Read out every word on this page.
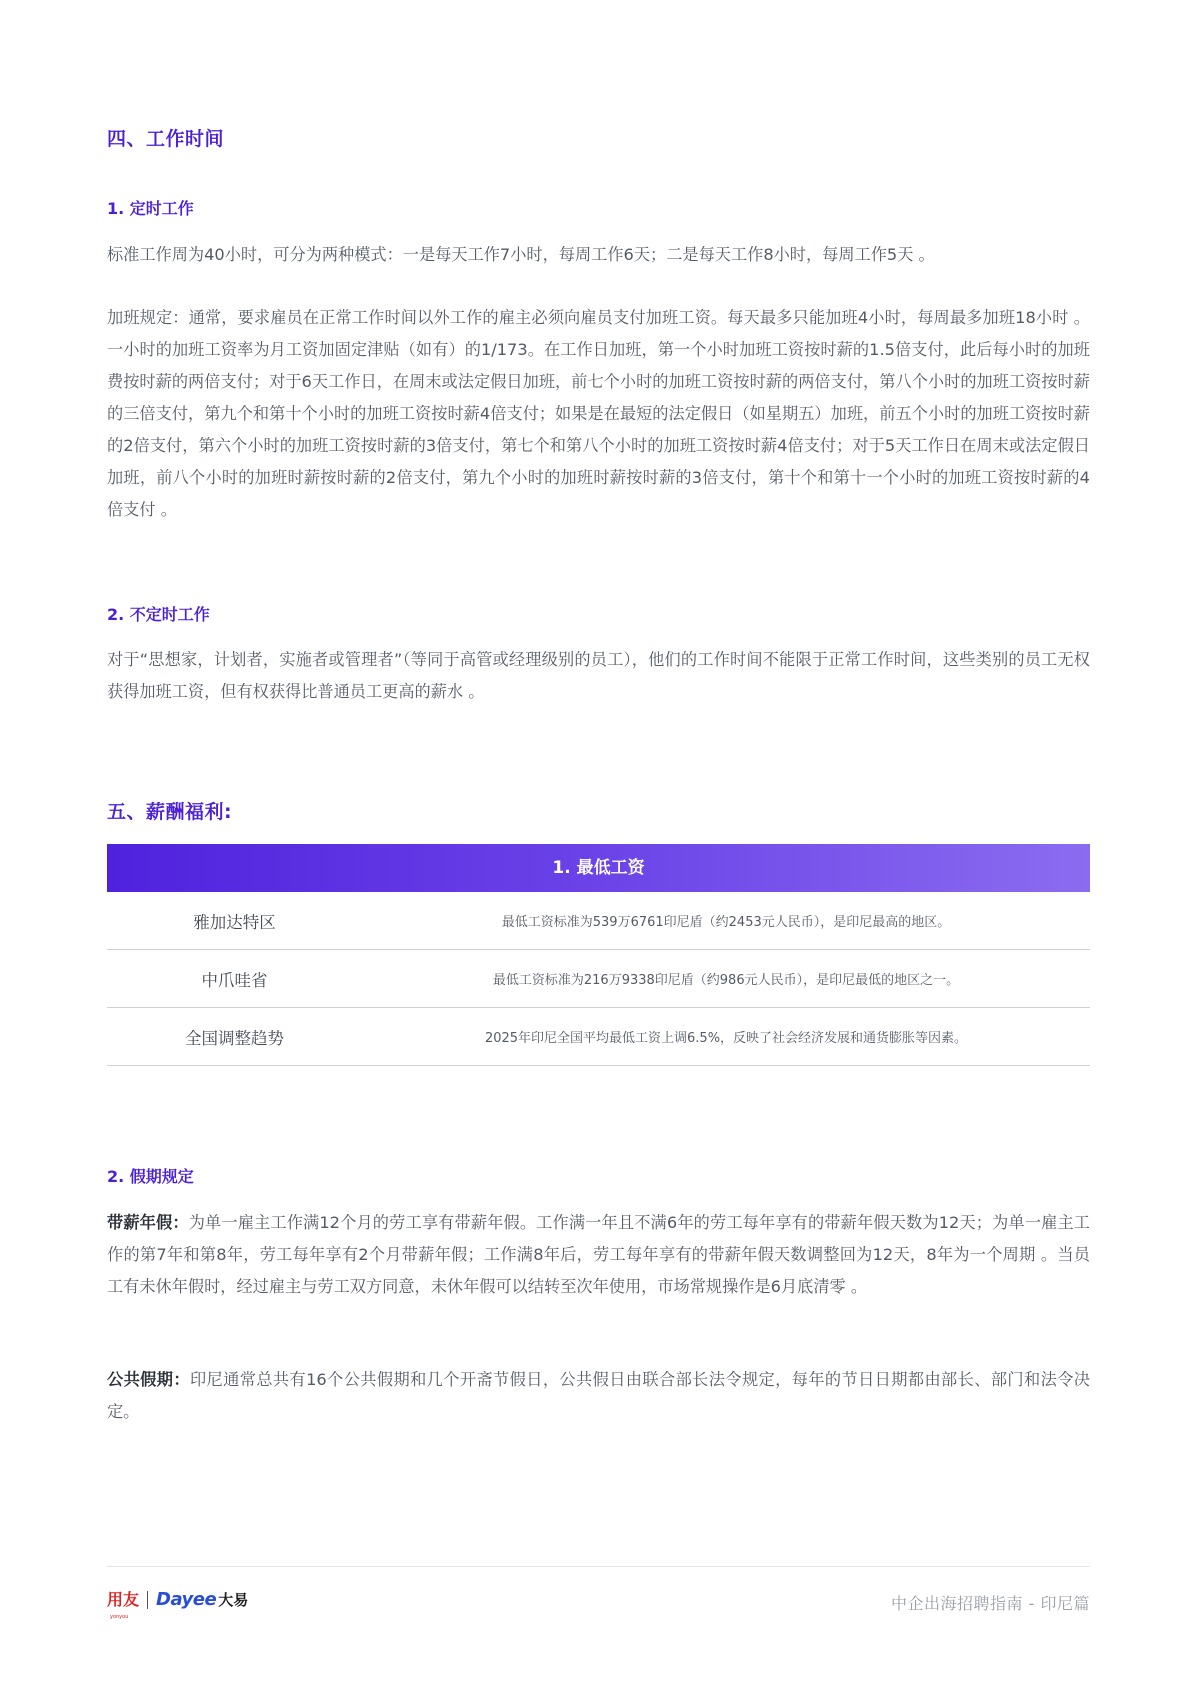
四、工作时间
1. 定时工作

标准工作周为40小时，可分为两种模式：一是每天工作7小时，每周工作6天；二是每天工作8小时，每周工作5天 。

加班规定：通常，要求雇员在正常工作时间以外工作的雇主必须向雇员支付加班工资。每天最多只能加班4小时，每周最多加班18小时 。一小时的加班工资率为月工资加固定津贴（如有）的1/173。在工作日加班，第一个小时加班工资按时薪的1.5倍支付，此后每小时的加班费按时薪的两倍支付；对于6天工作日，在周末或法定假日加班，前七个小时的加班工资按时薪的两倍支付，第八个小时的加班工资按时薪的三倍支付，第九个和第十个小时的加班工资按时薪4倍支付；如果是在最短的法定假日（如星期五）加班，前五个小时的加班工资按时薪的2倍支付，第六个小时的加班工资按时薪的3倍支付，第七个和第八个小时的加班工资按时薪4倍支付；对于5天工作日在周末或法定假日加班，前八个小时的加班时薪按时薪的2倍支付，第九个小时的加班时薪按时薪的3倍支付，第十个和第十一个小时的加班工资按时薪的4倍支付 。

2. 不定时工作

对于“思想家，计划者，实施者或管理者”（等同于高管或经理级别的员工），他们的工作时间不能限于正常工作时间，这些类别的员工无权获得加班工资，但有权获得比普通员工更高的薪水 。

五、薪酬福利:
1. 最低工资
雅加达特区	最低工资标准为539万6761印尼盾（约2453元人民币），是印尼最高的地区。
中爪哇省	最低工资标准为216万9338印尼盾（约986元人民币），是印尼最低的地区之一。
全国调整趋势	2025年印尼全国平均最低工资上调6.5%，反映了社会经济发展和通货膨胀等因素。
2. 假期规定

带薪年假：为单一雇主工作满12个月的劳工享有带薪年假。工作满一年且不满6年的劳工每年享有的带薪年假天数为12天；为单一雇主工作的第7年和第8年，劳工每年享有2个月带薪年假；工作满8年后，劳工每年享有的带薪年假天数调整回为12天，8年为一个周期 。当员工有未休年假时，经过雇主与劳工双方同意，未休年假可以结转至次年使用，市场常规操作是6月底清零 。

公共假期：印尼通常总共有16个公共假期和几个开斋节假日，公共假日由联合部长法令规定，每年的节日日期都由部长、部门和法令决定。

用友
yonyou
Dayee 大易	中企出海招聘指南 - 印尼篇
